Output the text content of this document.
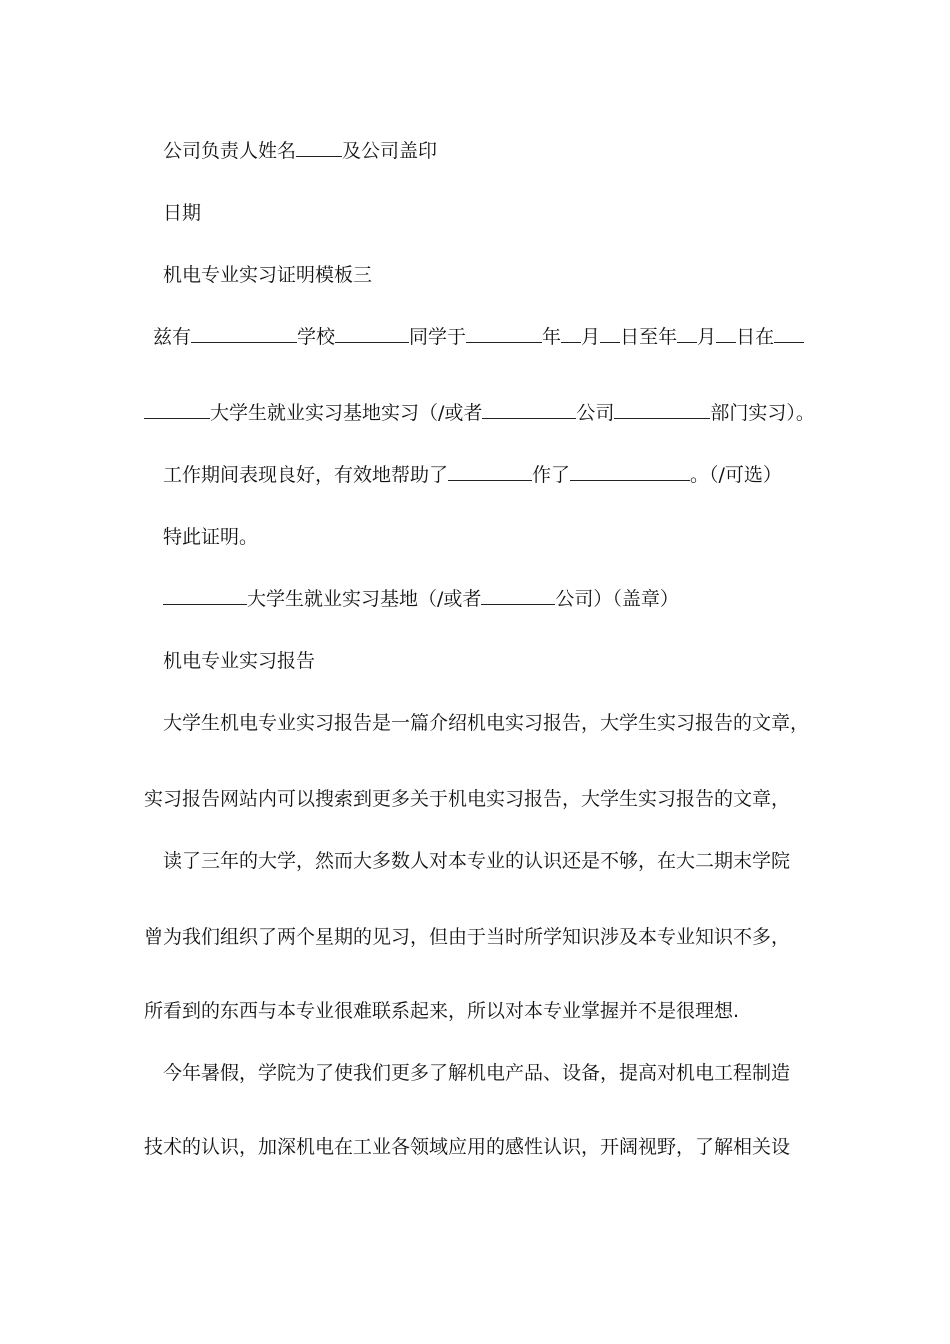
公司负责人姓名 及公司盖印
日期
机电专业实习证明模板三
兹有	学校	同学于	年 月 日至年 月 日在
大学生就业实习基地实习（/或者	公司	部门实习）。
工作期间表现良好，有效地帮助了	作了	。（/可选）
特此证明。
大学生就业实习基地（/或者	公司）（盖章）
机电专业实习报告
大学生机电专业实习报告是一篇介绍机电实习报告，大学生实习报告的文章，
实习报告网站内可以搜索到更多关于机电实习报告，大学生实习报告的文章，
读了三年的大学，然而大多数人对本专业的认识还是不够，在大二期末学院
曾为我们组织了两个星期的见习，但由于当时所学知识涉及本专业知识不多，
所看到的东西与本专业很难联系起来，所以对本专业掌握并不是很理想.
今年暑假，学院为了使我们更多了解机电产品、设备，提高对机电工程制造
技术的认识，加深机电在工业各领域应用的感性认识，开阔视野，了解相关设
